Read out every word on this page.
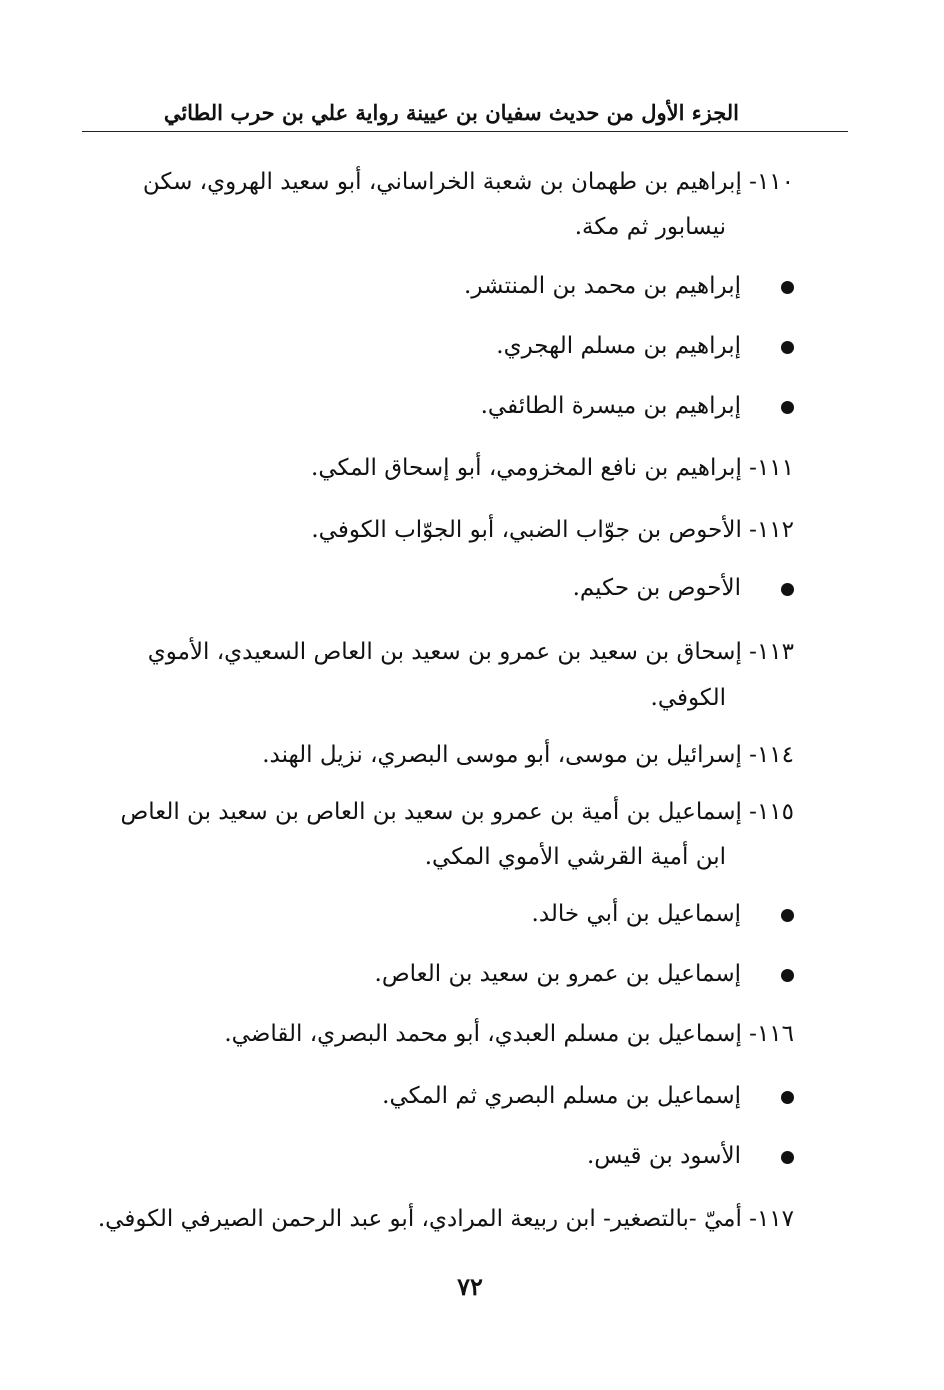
الجزء الأول من حديث سفيان بن عيينة رواية علي بن حرب الطائي
١١٠- إبراهيم بن طهمان بن شعبة الخراساني، أبو سعيد الهروي، سكن
نيسابور ثم مكة.
إبراهيم بن محمد بن المنتشر.
إبراهيم بن مسلم الهجري.
إبراهيم بن ميسرة الطائفي.
١١١- إبراهيم بن نافع المخزومي، أبو إسحاق المكي.
١١٢- الأحوص بن جوّاب الضبي، أبو الجوّاب الكوفي.
الأحوص بن حكيم.
١١٣- إسحاق بن سعيد بن عمرو بن سعيد بن العاص السعيدي، الأموي
الكوفي.
١١٤- إسرائيل بن موسى، أبو موسى البصري، نزيل الهند.
١١٥- إسماعيل بن أمية بن عمرو بن سعيد بن العاص بن سعيد بن العاص
ابن أمية القرشي الأموي المكي.
إسماعيل بن أبي خالد.
إسماعيل بن عمرو بن سعيد بن العاص.
١١٦- إسماعيل بن مسلم العبدي، أبو محمد البصري، القاضي.
إسماعيل بن مسلم البصري ثم المكي.
الأسود بن قيس.
١١٧- أميّ -بالتصغير- ابن ربيعة المرادي، أبو عبد الرحمن الصيرفي الكوفي.
٧٢
